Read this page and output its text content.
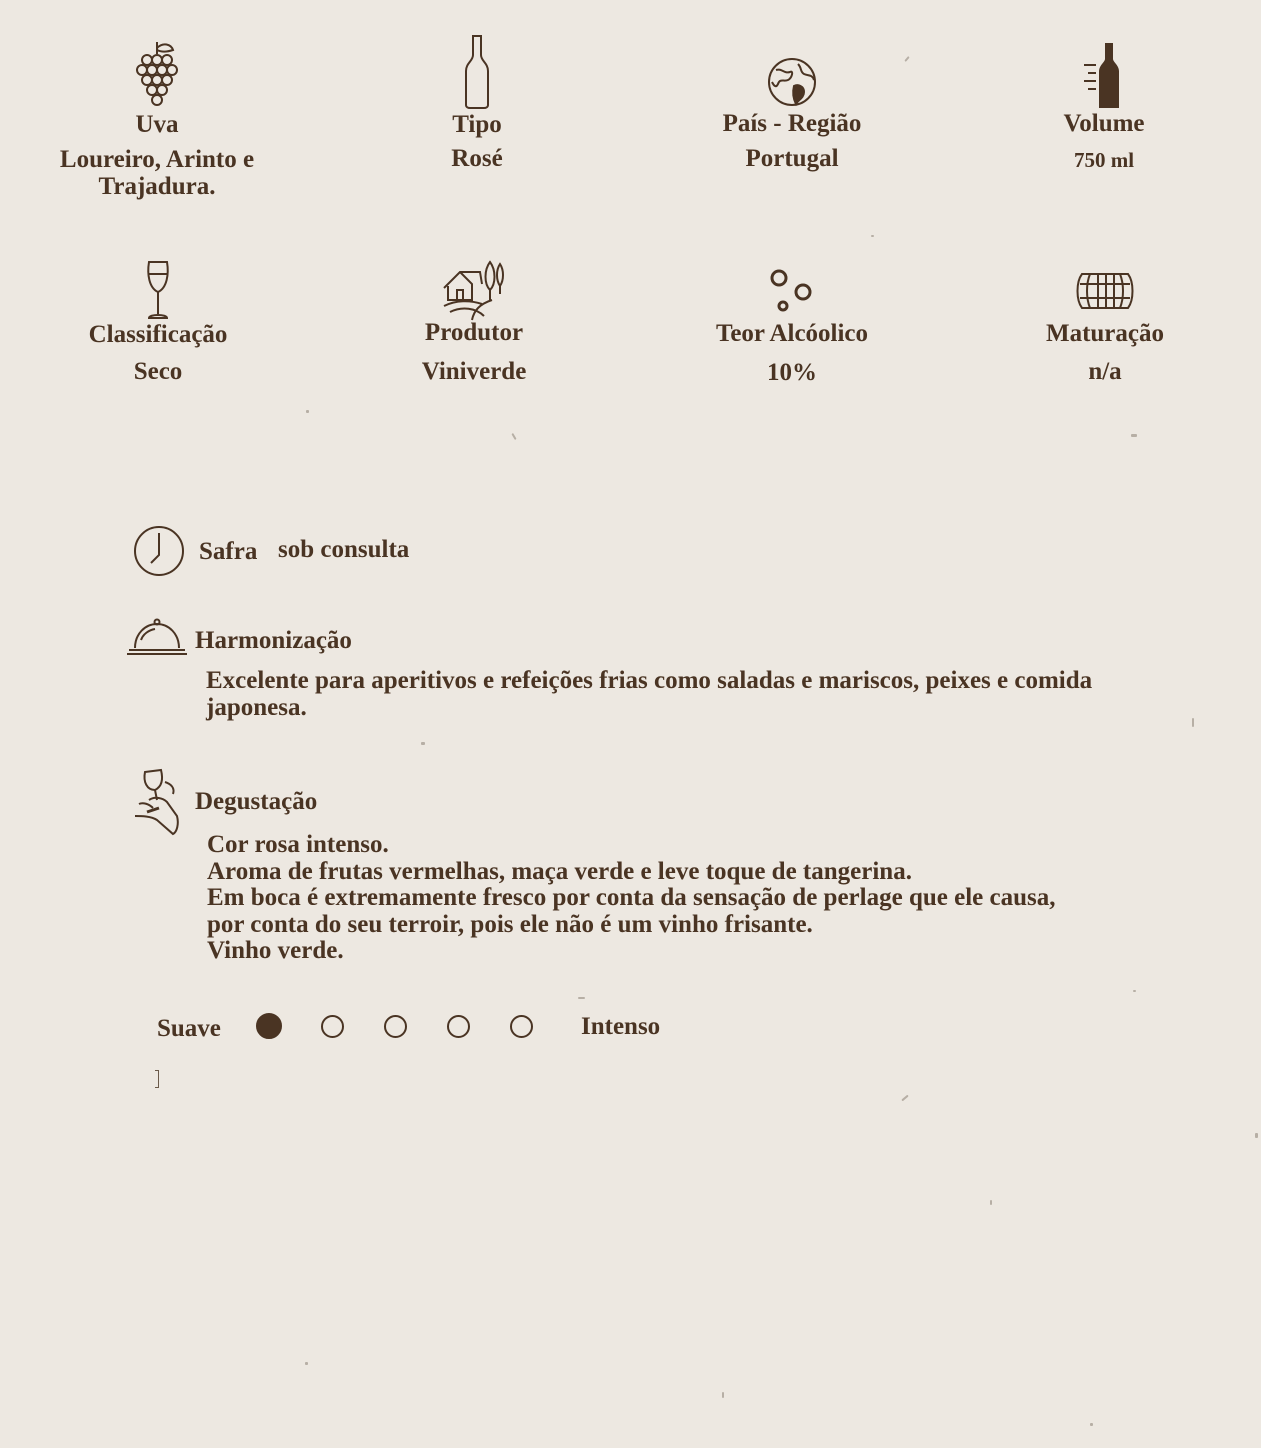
Uva
Loureiro, Arinto e Trajadura.
Tipo
Rosé
País - Região
Portugal
Volume
750 ml
Classificação
Seco
Produtor
Viniverde
Teor Alcóolico
10%
Maturação
n/a
Safra sob consulta
Harmonização

Excelente para aperitivos e refeições frias como saladas e mariscos, peixes e comida
japonesa.

Degustação

Cor rosa intenso.
Aroma de frutas vermelhas, maça verde e leve toque de tangerina.
Em boca é extremamente fresco por conta da sensação de perlage que ele causa,
por conta do seu terroir, pois ele não é um vinho frisante.
Vinho verde.

Suave	Intenso
